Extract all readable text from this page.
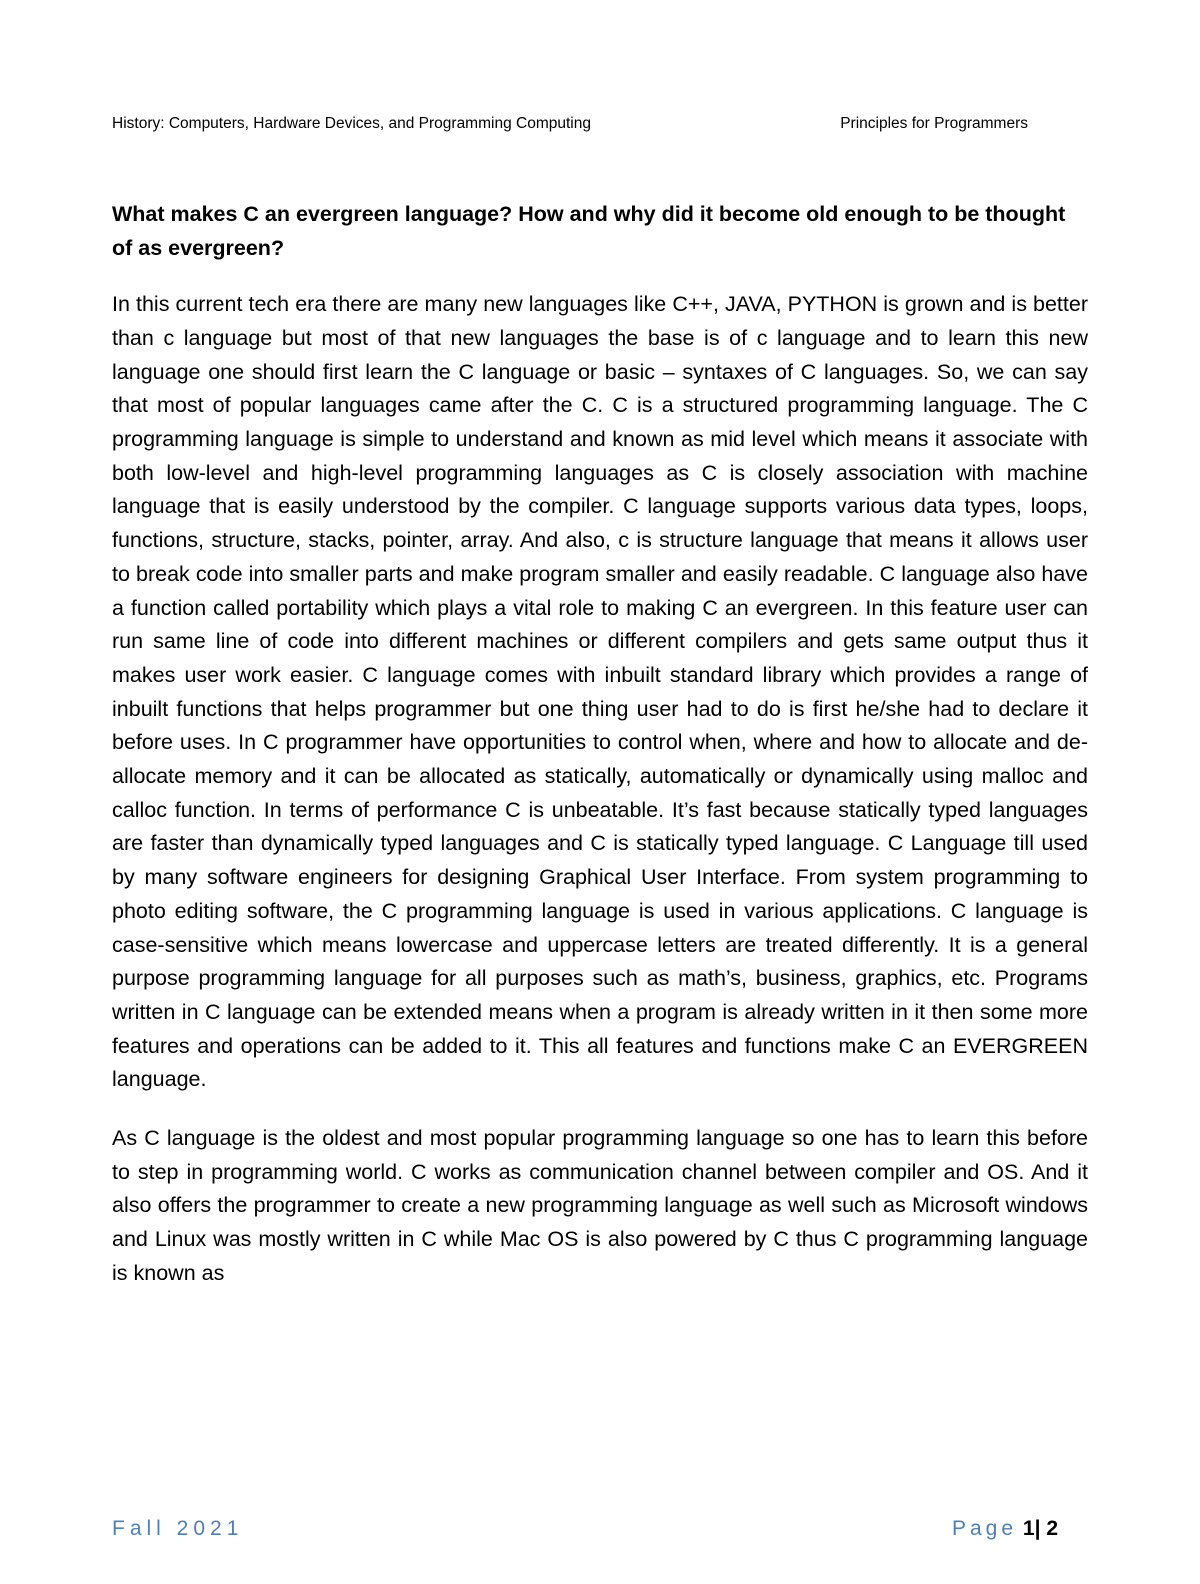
History: Computers, Hardware Devices, and Programming Computing	Principles for Programmers

What makes C an evergreen language? How and why did it become old enough to be thought of as evergreen?

In this current tech era there are many new languages like C++, JAVA, PYTHON is grown and is better than c language but most of that new languages the base is of c language and to learn this new language one should first learn the C language or basic – syntaxes of C languages. So, we can say that most of popular languages came after the C. C is a structured programming language. The C programming language is simple to understand and known as mid level which means it associate with both low-level and high-level programming languages as C is closely association with machine language that is easily understood by the compiler. C language supports various data types, loops, functions, structure, stacks, pointer, array. And also, c is structure language that means it allows user to break code into smaller parts and make program smaller and easily readable. C language also have a function called portability which plays a vital role to making C an evergreen. In this feature user can run same line of code into different machines or different compilers and gets same output thus it makes user work easier. C language comes with inbuilt standard library which provides a range of inbuilt functions that helps programmer but one thing user had to do is first he/she had to declare it before uses. In C programmer have opportunities to control when, where and how to allocate and de-allocate memory and it can be allocated as statically, automatically or dynamically using malloc and calloc function. In terms of performance C is unbeatable. It’s fast because statically typed languages are faster than dynamically typed languages and C is statically typed language. C Language till used by many software engineers for designing Graphical User Interface. From system programming to photo editing software, the C programming language is used in various applications. C language is case-sensitive which means lowercase and uppercase letters are treated differently. It is a general purpose programming language for all purposes such as math’s, business, graphics, etc. Programs written in C language can be extended means when a program is already written in it then some more features and operations can be added to it. This all features and functions make C an EVERGREEN language.

As C language is the oldest and most popular programming language so one has to learn this before to step in programming world. C works as communication channel between compiler and OS. And it also offers the programmer to create a new programming language as well such as Microsoft windows and Linux was mostly written in C while Mac OS is also powered by C thus C programming language is known as

Fall 2021	Page 1| 2
